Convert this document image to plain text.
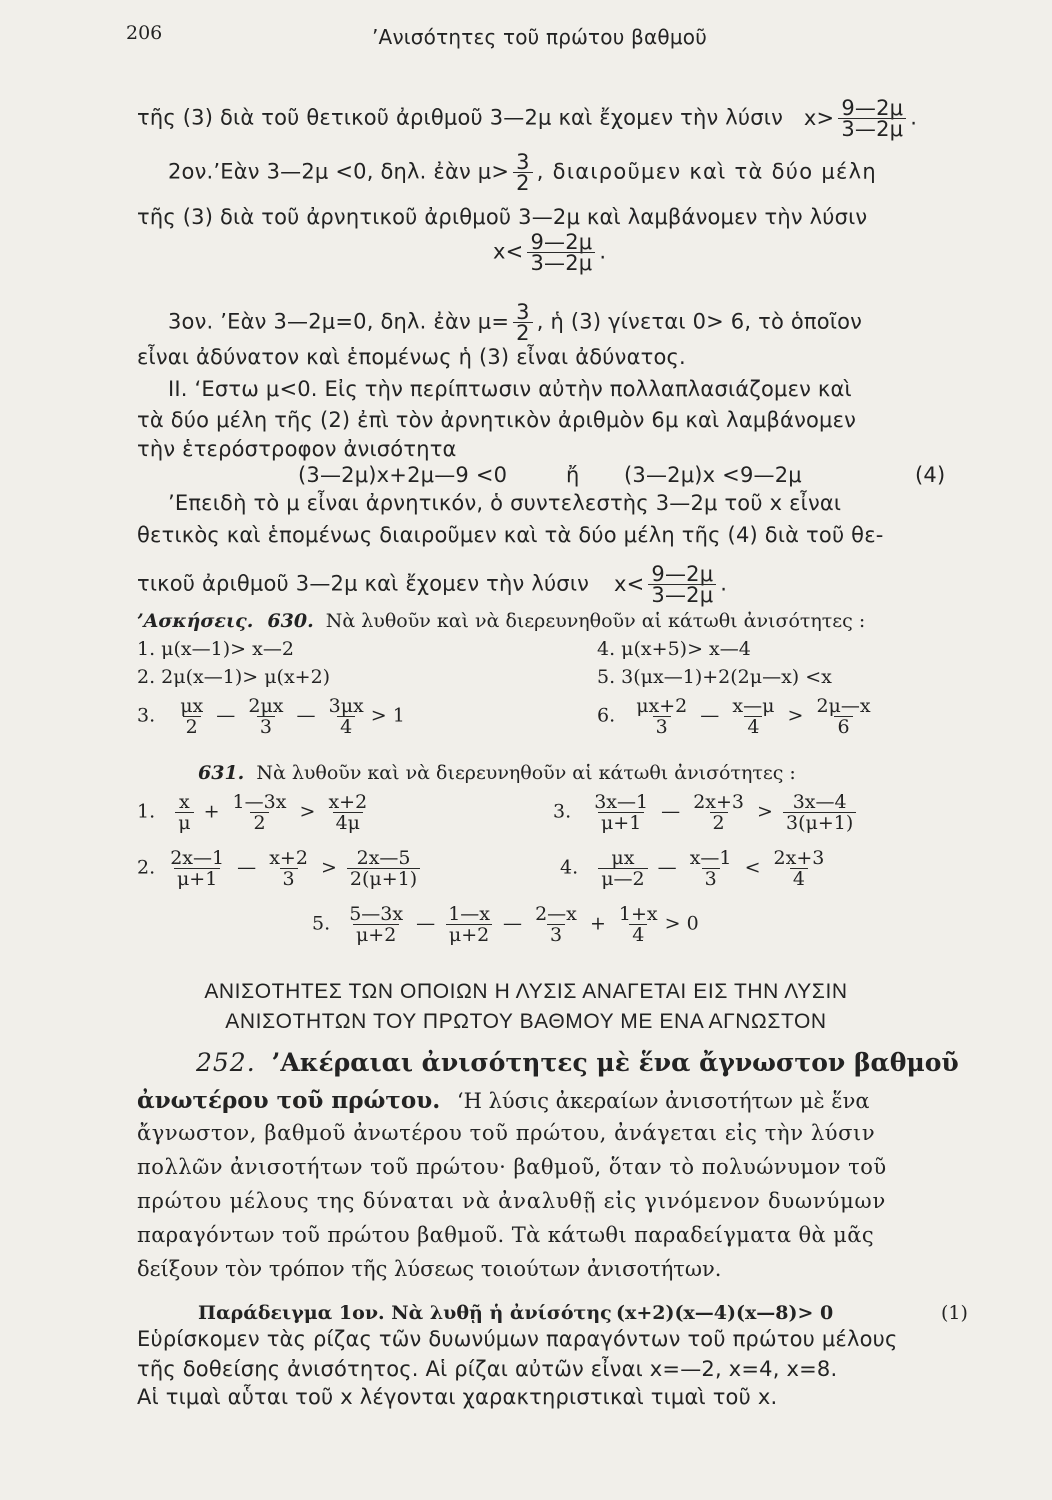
206	’Ανισότητες τοῦ πρώτου βαθμοῦ
τῆς (3) διὰ τοῦ θετικοῦ ἀριθμοῦ 3—2μ καὶ ἔχομεν τὴν λύσιν $x> \frac{9—2\mu}{3—2\mu}$ .
2ον.’Εὰν 3—2μ <0, δηλ. ἐὰν $\mu> \frac{3}{2}$ , διαιροῦμεν καὶ τὰ δύο μέλη
τῆς (3) διὰ τοῦ ἀρνητικοῦ ἀριθμοῦ 3—2μ καὶ λαμβάνομεν τὴν λύσιν
$x< \frac{9—2\mu}{3—2\mu}$ .
3ον. ’Εὰν 3—2μ=0, δηλ. ἐὰν $\mu= \frac{3}{2}$ , ἡ (3) γίνεται 0> 6, τὸ ὁποῖον
εἶναι ἀδύνατον καὶ ἑπομένως ἡ (3) εἶναι ἀδύνατος.
II. ‘Εστω μ<0. Εἰς τὴν περίπτωσιν αὐτὴν πολλαπλασιάζομεν καὶ
τὰ δύο μέλη τῆς (2) ἐπὶ τὸν ἀρνητικὸν ἀριθμὸν 6μ καὶ λαμβάνομεν
τὴν ἑτερόστροφον ἀνισότητα
(3—2μ)x+2μ—9 <0	ἤ (3—2μ)x <9—2μ	(4)
’Επειδὴ τὸ μ εἶναι ἀρνητικόν, ὁ συντελεστὴς 3—2μ τοῦ x εἶναι
θετικὸς καὶ ἑπομένως διαιροῦμεν καὶ τὰ δύο μέλη τῆς (4) διὰ τοῦ θε-
τικοῦ ἀριθμοῦ 3—2μ καὶ ἔχομεν τὴν λύσιν $x< \frac{9—2\mu}{3—2\mu}$ .
’Ασκήσεις. 630. Νὰ λυθοῦν καὶ νὰ διερευνηθοῦν αἱ κάτωθι ἀνισότητες :
1. μ(x—1)> x—2	4. μ(x+5)> x—4
2. 2μ(x—1)> μ(x+2)	5. 3(μx—1)+2(2μ—x) <x
3. $\frac{\mu x}{2}$ — $\frac{2\mu x}{3}$ — $\frac{3\mu x}{4} > 1$	6. $\frac{\mu x+2}{3}$ — $\frac{x—\mu}{4} > \frac{2\mu—x}{6}$
631. Νὰ λυθοῦν καὶ νὰ διερευνηθοῦν αἱ κάτωθι ἀνισότητες :
1. $\frac{x}{\mu} + \frac{1—3x}{2} > \frac{x+2}{4\mu}$	3. $\frac{3x—1}{\mu+1}$ — $\frac{2x+3}{2} > \frac{3x—4}{3(\mu+1)}$
2. $\frac{2x—1}{\mu+1}$ — $\frac{x+2}{3} > \frac{2x—5}{2(\mu+1)}$	4. $\frac{\mu x}{\mu—2}$ — $\frac{x—1}{3} < \frac{2x+3}{4}$
5. $\frac{5—3x}{\mu+2}$ — $\frac{1—x}{\mu+2}$ — $\frac{2—x}{3} + \frac{1+x}{4} > 0$
ΑΝΙΣΟΤΗΤΕΣ ΤΩΝ ΟΠΟΙΩΝ Η ΛΥΣΙΣ ΑΝΑΓΕΤΑΙ ΕΙΣ ΤΗΝ ΛΥΣΙΝ
ΑΝΙΣΟΤΗΤΩΝ ΤΟΥ ΠΡΩΤΟΥ ΒΑΘΜΟΥ ΜΕ ΕΝΑ ΑΓΝΩΣΤΟΝ
252. ’Ακέραιαι ἀνισότητες μὲ ἕνα ἄγνωστον βαθμοῦ
ἀνωτέρου τοῦ πρώτου. ‘Η λύσις ἀκεραίων ἀνισοτήτων μὲ ἕνα
ἄγνωστον, βαθμοῦ ἀνωτέρου τοῦ πρώτου, ἀνάγεται εἰς τὴν λύσιν
πολλῶν ἀνισοτήτων τοῦ πρώτου· βαθμοῦ, ὅταν τὸ πολυώνυμον τοῦ
πρώτου μέλους της δύναται νὰ ἀναλυθῇ εἰς γινόμενον δυωνύμων
παραγόντων τοῦ πρώτου βαθμοῦ. Τὰ κάτωθι παραδείγματα θὰ μᾶς
δείξουν τὸν τρόπον τῆς λύσεως τοιούτων ἀνισοτήτων.
Παράδειγμα 1ον. Νὰ λυθῇ ἡ ἀνίσότης (x+2)(x—4)(x—8)> 0	(1)
Εὑρίσκομεν τὰς ρίζας τῶν δυωνύμων παραγόντων τοῦ πρώτου μέλους
τῆς δοθείσης ἀνισότητος. Αἱ ρίζαι αὐτῶν εἶναι x=—2, x=4, x=8.
Αἱ τιμαὶ αὗται τοῦ x λέγονται χαρακτηριστικαὶ τιμαὶ τοῦ x.
